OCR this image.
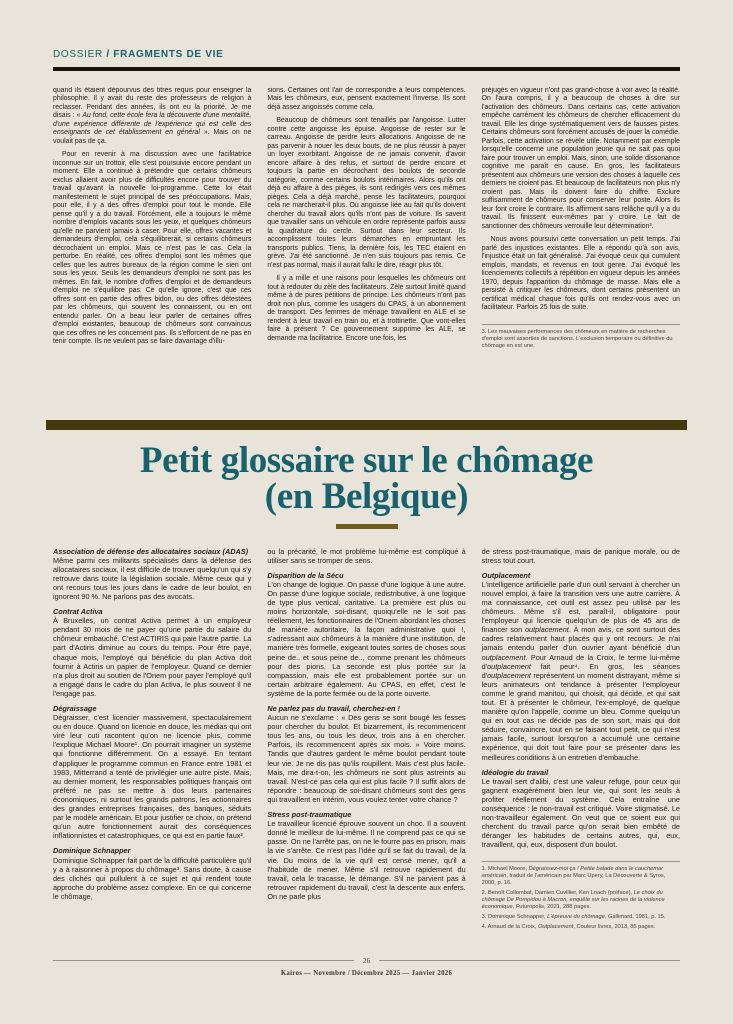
DOSSIER / FRAGMENTS DE VIE

quand ils étaient dépourvus des titres requis pour enseigner la philosophie. Il y avait du reste des professeurs de religion à reclasser. Pendant des années, ils ont eu la priorité. Je me disais : « Au fond, cette école fera la découverte d'une mentalité, d'une expérience différente de l'expérience qui est celle des enseignants de cet établissement en général ». Mais on ne voulait pas de ça.

Pour en revenir à ma discussion avec une facilitatrice inconnue sur un trottoir, elle s'est poursuivie encore pendant un moment. Elle a continué à prétendre que certains chômeurs exclus allaient avoir plus de difficultés encore pour trouver du travail qu'avant la nouvelle loi-programme. Cette loi était manifestement le sujet principal de ses préoccupations. Mais, pour elle, il y a des offres d'emploi pour tout le monde. Elle pense qu'il y a du travail. Forcément, elle a toujours le même nombre d'emplois vacants sous les yeux, et quelques chômeurs qu'elle ne parvient jamais à caser. Pour elle, offres vacantes et demandeurs d'emploi, cela s'équilibrerait, si certains chômeurs décrochaient un emploi. Mais ce n'est pas le cas. Cela la perturbe. En réalité, ces offres d'emploi sont les mêmes que celles que les autres bureaux de la région comme le sien ont sous les yeux. Seuls les demandeurs d'emploi ne sont pas les mêmes. En fait, le nombre d'offres d'emploi et de demandeurs d'emploi ne s'équilibre pas. Ce qu'elle ignore, c'est que ces offres sont en partie des offres bidon, ou des offres détestées par les chômeurs, qui souvent les connaissent, ou en ont entendu parler. On a beau leur parler de certaines offres d'emploi existantes, beaucoup de chômeurs sont convaincus que ces offres ne les concernent pas. Ils s'efforcent de ne pas en tenir compte. Ils ne veulent pas se faire davantage d'illu-

sions. Certaines ont l'air de correspondre à leurs compétences. Mais les chômeurs, eux, pensent exactement l'inverse. Ils sont déjà assez angoissés comme cela.

Beaucoup de chômeurs sont tenaillés par l'angoisse. Lutter contre cette angoisse les épuise. Angoisse de rester sur le carreau. Angoisse de perdre leurs allocations. Angoisse de ne pas parvenir à nouer les deux bouts, de ne plus réussir à payer un loyer exorbitant. Angoisse de ne jamais convenir, d'avoir encore affaire à des refus, et surtout de perdre encore et toujours la partie en décrochant des boulots de seconde catégorie, comme certains boulots intérimaires. Alors qu'ils ont déjà eu affaire à des pièges, ils sont redirigés vers ces mêmes pièges. Cela a déjà marché, pense les facilitateurs, pourquoi cela ne marcherait-il plus. Ou angoisse liée au fait qu'ils doivent chercher du travail alors qu'ils n'ont pas de voiture. Ils savent que travailler sans un véhicule en ordre représente parfois aussi la quadrature du cercle. Surtout dans leur secteur. Ils accomplissent toutes leurs démarches en empruntant les transports publics. Tiens, la dernière fois, les TEC étaient en grève. J'ai été sanctionné. Je n'en suis toujours pas remis. Ce n'est pas normal, mais il aurait fallu le dire, réagir plus tôt.

Il y a mille et une raisons pour lesquelles les chômeurs ont tout à redouter du zèle des facilitateurs. Zèle surtout limité quand même à de pures pétitions de principe. Les chômeurs n'ont pas droit non plus, comme les usagers du CPAS, à un abonnement de transport. Des femmes de ménage travaillent en ALE et se rendent à leur travail en train ou, et à trottinette. Que vont-elles faire à présent ? Ce gouvernement supprime les ALE, se demande ma facilitatrice. Encore une fois, les

préjugés en vigueur n'ont pas grand-chose à voir avec la réalité. On l'aura compris, il y a beaucoup de choses à dire sur l'activation des chômeurs. Dans certains cas, cette activation empêche carrément les chômeurs de chercher efficacement du travail. Elle les dirige systématiquement vers de fausses pistes. Certains chômeurs sont forcément accusés de jouer la comédie. Parfois, cette activation se révèle utile. Notamment par exemple lorsqu'elle concerne une population jeune qui ne sait pas quoi faire pour trouver un emploi. Mais, sinon, une solide dissonance cognitive me paraît en cause. En gros, les facilitateurs présentent aux chômeurs une version des choses à laquelle ces derniers ne croient pas. Et beaucoup de facilitateurs non plus n'y croient pas. Mais ils doivent faire du chiffre. Exclure suffisamment de chômeurs pour conserver leur poste. Alors ils leur font croire le contraire. Ils affirment sans relâche qu'il y a du travail. Ils finissent eux-mêmes par y croire. Le fait de sanctionner des chômeurs verrouille leur détermination³.

Nous avons poursuivi cette conversation un petit temps. J'ai parlé des injustices existantes. Elle a répondu qu'à son avis, l'injustice était un fait généralisé. J'ai évoqué ceux qui cumulent emplois, mandats, et revenus en tout genre. J'ai évoqué les licenciements collectifs à répétition en vigueur depuis les années 1970, depuis l'apparition du chômage de masse. Mais elle a persisté à critiquer les chômeurs, dont certains présentent un certificat médical chaque fois qu'ils ont rendez-vous avec un facilitateur. Parfois 25 fois de suite.

3. Les mauvaises performances des chômeurs en matière de recherches d'emploi sont assorties de sanctions. L'exclusion temporaire ou définitive du chômage en est une.

Petit glossaire sur le chômage
(en Belgique)
Association de défense des allocataires sociaux (ADAS)

Même parmi ces militants spécialisés dans la défense des allocataires sociaux, il est difficile de trouver quelqu'un qui s'y retrouve dans toute la législation sociale. Même ceux qui y ont recours tous les jours dans le cadre de leur boulot, en ignorent 90 %. Ne parlons pas des avocats.

Contrat Activa

À Bruxelles, un contrat Activa permet à un employeur pendant 30 mois de ne payer qu'une partie du salaire du chômeur embauché. C'est ACTIRIS qui paie l'autre partie. La part d'Actiris diminue au cours du temps. Pour être payé, chaque mois, l'employé qui bénéficie du plan Activa doit fournir à Actiris un papier de l'employeur. Quand ce dernier n'a plus droit au soutien de l'Onem pour payer l'employé qu'il a engagé dans le cadre du plan Activa, le plus souvent il ne l'engage pas.

Dégraissage

Dégraisser, c'est licencier massivement, spectaculairement ou en douce. Quand on licencie en douce, les médias qui ont viré leur cuti racontent qu'on ne licencie plus, comme l'explique Michael Moore¹. On pourrait imaginer un système qui fonctionne différemment. On a essayé. En tentant d'appliquer le programme commun en France entre 1981 et 1983, Mitterrand a tenté de privilégier une autre piste. Mais, au dernier moment, les responsables politiques français ont préféré ne pas se mettre à dos leurs partenaires économiques, ni surtout les grands patrons, les actionnaires des grandes entreprises françaises, des banques, séduits par le modèle américain. Et pour justifier ce choix, on prétend qu'un autre fonctionnement aurait des conséquences inflationnistes et catastrophiques, ce qui est en partie faux².

Dominique Schnapper

Dominique Schnapper fait part de la difficulté particulière qu'il y a à raisonner à propos du chômage³. Sans doute, à cause des clichés qui pullulent à ce sujet et qui rendent toute approche du problème assez complexe. En ce qui concerne le chômage,

ou la précarité, le mot problème lui-même est compliqué à utiliser sans se tromper de sens.

Disparition de la Sécu

L'on change de logique. On passe d'une logique à une autre. On passe d'une logique sociale, redistributive, à une logique de type plus vertical, caritative. La première est plus ou moins horizontale, soi-disant, quoiqu'elle ne le soit pas réellement, les fonctionnaires de l'Onem abordant les choses de manière autoritaire, la façon administrative quoi !, s'adressant aux chômeurs à la manière d'une institution, de manière très formelle, exigeant toutes sortes de choses sous peine de.. et sous peine de.., comme prenant les chômeurs pour des pions. La seconde est plus portée sur la compassion, mais elle est probablement portée sur un certain arbitraire également. Au CPAS, en effet, c'est le système de la porte fermée ou de la porte ouverte.

Ne parlez pas du travail, cherchez-en !

Aucun ne s'exclame : « Des gens se sont bougé les fesses pour chercher du boulot. Et bizarrement, ils recommencent tous les ans, ou tous les deux, trois ans à en chercher. Parfois, ils recommencent après six mois. » Voire moins. Tandis que d'autres gardent le même boulot pendant toute leur vie. Je ne dis pas qu'ils roupillent. Mais c'est plus facile. Mais, me dira-t-on, les chômeurs ne sont plus astreints au travail. N'est-ce pas cela qui est plus facile ? Il suffit alors de répondre : beaucoup de soi-disant chômeurs sont des gens qui travaillent en intérim, vous voulez tenter votre chance ?

Stress post-traumatique

Le travailleur licencié éprouve souvent un choc. Il a souvent donné le meilleur de lui-même. Il ne comprend pas ce qui se passe. On ne l'arrête pas, on ne le fourre pas en prison, mais la vie s'arrête. Ce n'est pas l'idée qu'il se fait du travail, de la vie. Du moins de la vie qu'il est censé mener, qu'il a l'habitude de mener. Même s'il retrouve rapidement du travail, cela le tracasse, le démange. S'il ne parvient pas à retrouver rapidement du travail, c'est la descente aux enfers. On ne parle plus

de stress post-traumatique, mais de panique morale, ou de stress tout court.

Outplacement

L'intelligence artificielle parle d'un outil servant à chercher un nouvel emploi, à faire la transition vers une autre carrière. À ma connaissance, cet outil est assez peu utilisé par les chômeurs. Même s'il est, paraît-il, obligatoire pour l'employeur qui licencie quelqu'un de plus de 45 ans de financer son outplacement. À mon avis, ce sont surtout des cadres relativement haut placés qui y ont recours. Je n'ai jamais entendu parler d'un ouvrier ayant bénéficié d'un outplacement. Pour Arnaud de la Croix, le terme lui-même d'outplacement fait peur⁴. En gros, les séances d'outplacement représentent un moment distrayant, même si leurs animateurs ont tendance à présenter l'employeur comme le grand manitou, qui choisit, qui décide, et qui sait tout. Et à présenter le chômeur, l'ex-employé, de quelque manière qu'on l'appelle, comme un bleu. Comme quelqu'un qui en tout cas ne décide pas de son sort, mais qui doit séduire, convaincre, tout en se faisant tout petit, ce qui n'est jamais facile, surtout lorsqu'on a accumulé une certaine expérience, qui doit tout faire pour se présenter dans les meilleures conditions à un entretien d'embauche.

Idéologie du travail

Le travail sert d'alibi, c'est une valeur refuge, pour ceux qui gagnent exagérément bien leur vie, qui sont les seuls à profiter réellement du système. Cela entraîne une conséquence : le non-travail est critiqué. Voire stigmatisé. Le non-travailleur également. On veut que ce soient eux qui cherchent du travail parce qu'on serait bien embêté de déranger les habitudes de certains autres, qui, eux, travaillent, qui, eux, disposent d'un boulot.

1. Michael Moore, Dégraissez-moi ça ! Petite balade dans le cauchemar américain, traduit de l'américain par Marc Upery, La Découverte & Syros, 2000, p. 16.

2. Benoît Collombat, Damien Cuvillier, Ken Loach (préface), Le choix du chômage De Pompidou à Macron, enquête sur les racines de la violence économique, Futuropolis, 2021, 288 pages.

3. Dominique Schnapper, L'épreuve du chômage, Gallimard, 1981, p. 15.

4. Arnaud de la Croix, Outplacement, Couleur livres, 2013, 85 pages.

26
Kairos — Novembre / Décembre 2025 — Janvier 2026
